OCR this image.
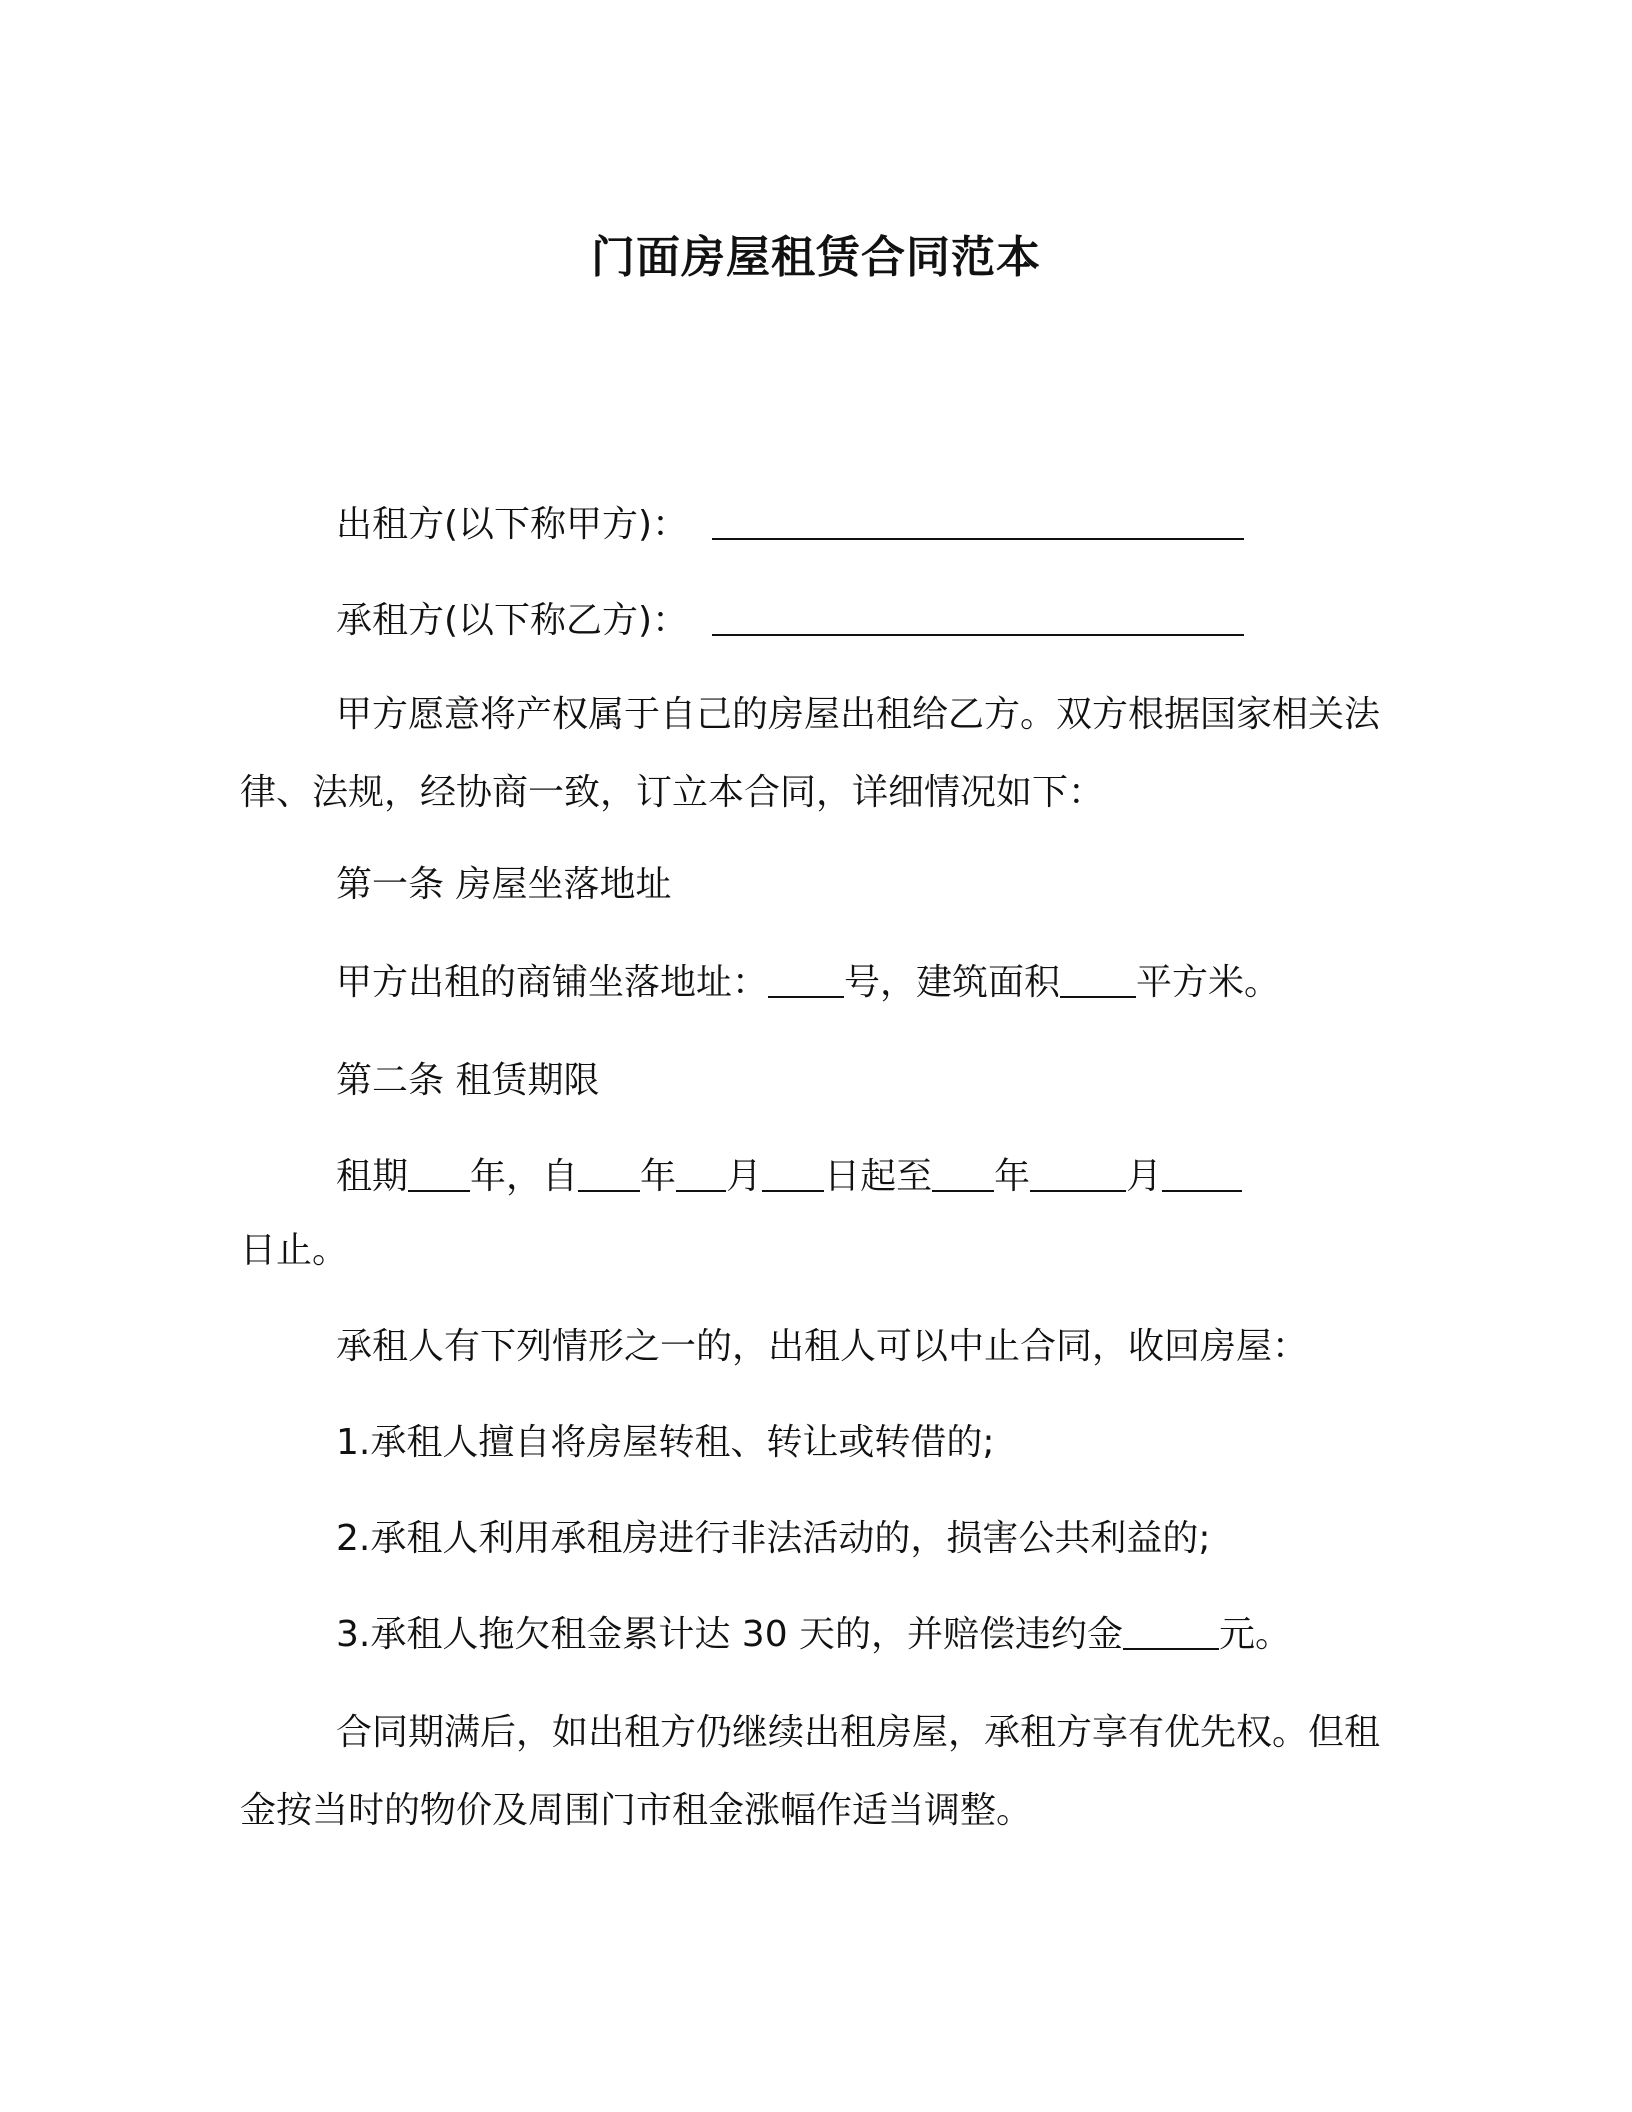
门面房屋租赁合同范本
出租方(以下称甲方)：
承租方(以下称乙方)：
甲方愿意将产权属于自己的房屋出租给乙方。双方根据国家相关法律、法规，经协商一致，订立本合同，详细情况如下：
第一条 房屋坐落地址
甲方出租的商铺坐落地址： 号，建筑面积 平方米。
第二条 租赁期限
租期 年，自 年 月 日起至 年	月
日止。
承租人有下列情形之一的，出租人可以中止合同，收回房屋：
1.承租人擅自将房屋转租、转让或转借的;
2.承租人利用承租房进行非法活动的，损害公共利益的;
3.承租人拖欠租金累计达 30 天的，并赔偿违约金	元。
合同期满后，如出租方仍继续出租房屋，承租方享有优先权。但租金按当时的物价及周围门市租金涨幅作适当调整。
